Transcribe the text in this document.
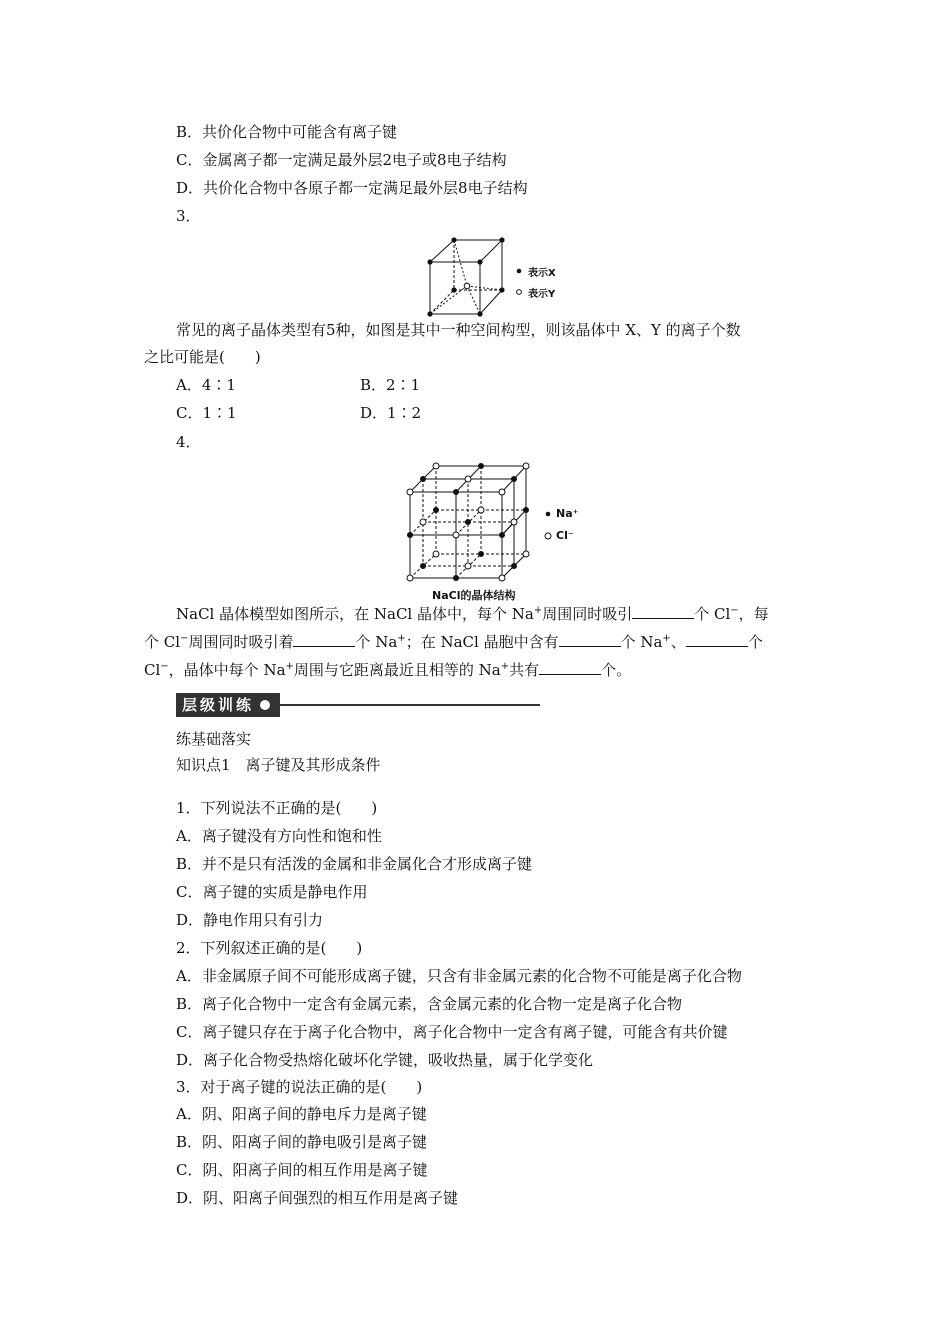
B．共价化合物中可能含有离子键
C．金属离子都一定满足最外层2电子或8电子结构
D．共价化合物中各原子都一定满足最外层8电子结构
3．
表示X
表示Y
常见的离子晶体类型有5种，如图是其中一种空间构型，则该晶体中 X、Y 的离子个数
之比可能是(　　)
A．4∶1	B．2∶1
C．1∶1	D．1∶2
4．
Na⁺
Cl⁻
NaCl的晶体结构
NaCl 晶体模型如图所示，在 NaCl 晶体中，每个 Na+周围同时吸引	个 Cl−，每
个 Cl−周围同时吸引着	个 Na+；在 NaCl 晶胞中含有	个 Na+、	个
Cl−，晶体中每个 Na+周围与它距离最近且相等的 Na+共有	个。
层级训练
练基础落实
知识点1　离子键及其形成条件
1．下列说法不正确的是(　　)
A．离子键没有方向性和饱和性
B．并不是只有活泼的金属和非金属化合才形成离子键
C．离子键的实质是静电作用
D．静电作用只有引力
2．下列叙述正确的是(　　)
A．非金属原子间不可能形成离子键，只含有非金属元素的化合物不可能是离子化合物
B．离子化合物中一定含有金属元素，含金属元素的化合物一定是离子化合物
C．离子键只存在于离子化合物中，离子化合物中一定含有离子键，可能含有共价键
D．离子化合物受热熔化破坏化学键，吸收热量，属于化学变化
3．对于离子键的说法正确的是(　　)
A．阴、阳离子间的静电斥力是离子键
B．阴、阳离子间的静电吸引是离子键
C．阴、阳离子间的相互作用是离子键
D．阴、阳离子间强烈的相互作用是离子键
